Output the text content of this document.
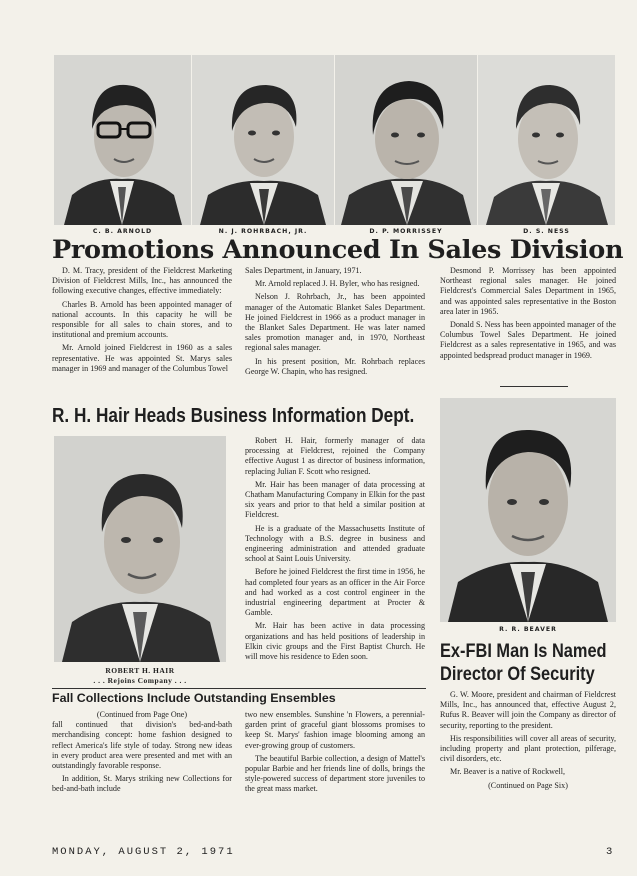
C. B. ARNOLD	N. J. ROHRBACH, JR.	D. P. MORRISSEY	D. S. NESS
Promotions Announced In Sales Division

D. M. Tracy, president of the Fieldcrest Marketing Division of Fieldcrest Mills, Inc., has announced the following executive changes, effective immediately:

Charles B. Arnold has been appointed manager of national accounts. In this capacity he will be responsible for all sales to chain stores, and to institutional and premium accounts.

Mr. Arnold joined Fieldcrest in 1960 as a sales representative. He was appointed St. Marys sales manager in 1969 and manager of the Columbus Towel

Sales Department, in January, 1971.

Mr. Arnold replaced J. H. Byler, who has resigned.

Nelson J. Rohrbach, Jr., has been appointed manager of the Automatic Blanket Sales Department. He joined Fieldcrest in 1966 as a product manager in the Blanket Sales Department. He was later named sales promotion manager and, in 1970, Northeast regional sales manager.

In his present position, Mr. Rohrbach replaces George W. Chapin, who has resigned.

Desmond P. Morrissey has been appointed Northeast regional sales manager. He joined Fieldcrest's Commercial Sales Department in 1965, and was appointed sales representative in the Boston area later in 1965.

Donald S. Ness has been appointed manager of the Columbus Towel Sales Department. He joined Fieldcrest as a sales representative in 1965, and was appointed bedspread product manager in 1969.

R. H. Hair Heads Business Information Dept.
ROBERT H. HAIR
. . . Rejoins Company . . .

Robert H. Hair, formerly manager of data processing at Fieldcrest, rejoined the Company effective August 1 as director of business information, replacing Julian F. Scott who resigned.

Mr. Hair has been manager of data processing at Chatham Manufacturing Company in Elkin for the past six years and prior to that held a similar position at Fieldcrest.

He is a graduate of the Massachusetts Institute of Technology with a B.S. degree in business and engineering administration and attended graduate school at Saint Louis University.

Before he joined Fieldcrest the first time in 1956, he had completed four years as an officer in the Air Force and had worked as a cost control engineer in the industrial engineering department at Procter & Gamble.

Mr. Hair has been active in data processing organizations and has held positions of leadership in Elkin civic groups and the First Baptist Church. He will move his residence to Eden soon.

R. R. BEAVER
Ex-FBI Man Is Named
Director Of Security

G. W. Moore, president and chairman of Fieldcrest Mills, Inc., has announced that, effective August 2, Rufus R. Beaver will join the Company as director of security, reporting to the president.

His responsibilities will cover all areas of security, including property and plant protection, pilferage, civil disorders, etc.

Mr. Beaver is a native of Rockwell,

(Continued on Page Six)

Fall Collections Include Outstanding Ensembles

(Continued from Page One)

fall continued that division's bed-and-bath merchandising concept: home fashion designed to reflect America's life style of today. Strong new ideas in every product area were presented and met with an outstandingly favorable response.

In addition, St. Marys striking new Collections for bed-and-bath include

two new ensembles. Sunshine 'n Flowers, a perennial-garden print of graceful giant blossoms promises to keep St. Marys' fashion image blooming among an ever-growing group of customers.

The beautiful Barbie collection, a design of Mattel's popular Barbie and her friends line of dolls, brings the style-powered success of department store juveniles to the great mass market.

MONDAY, AUGUST 2, 1971	3
